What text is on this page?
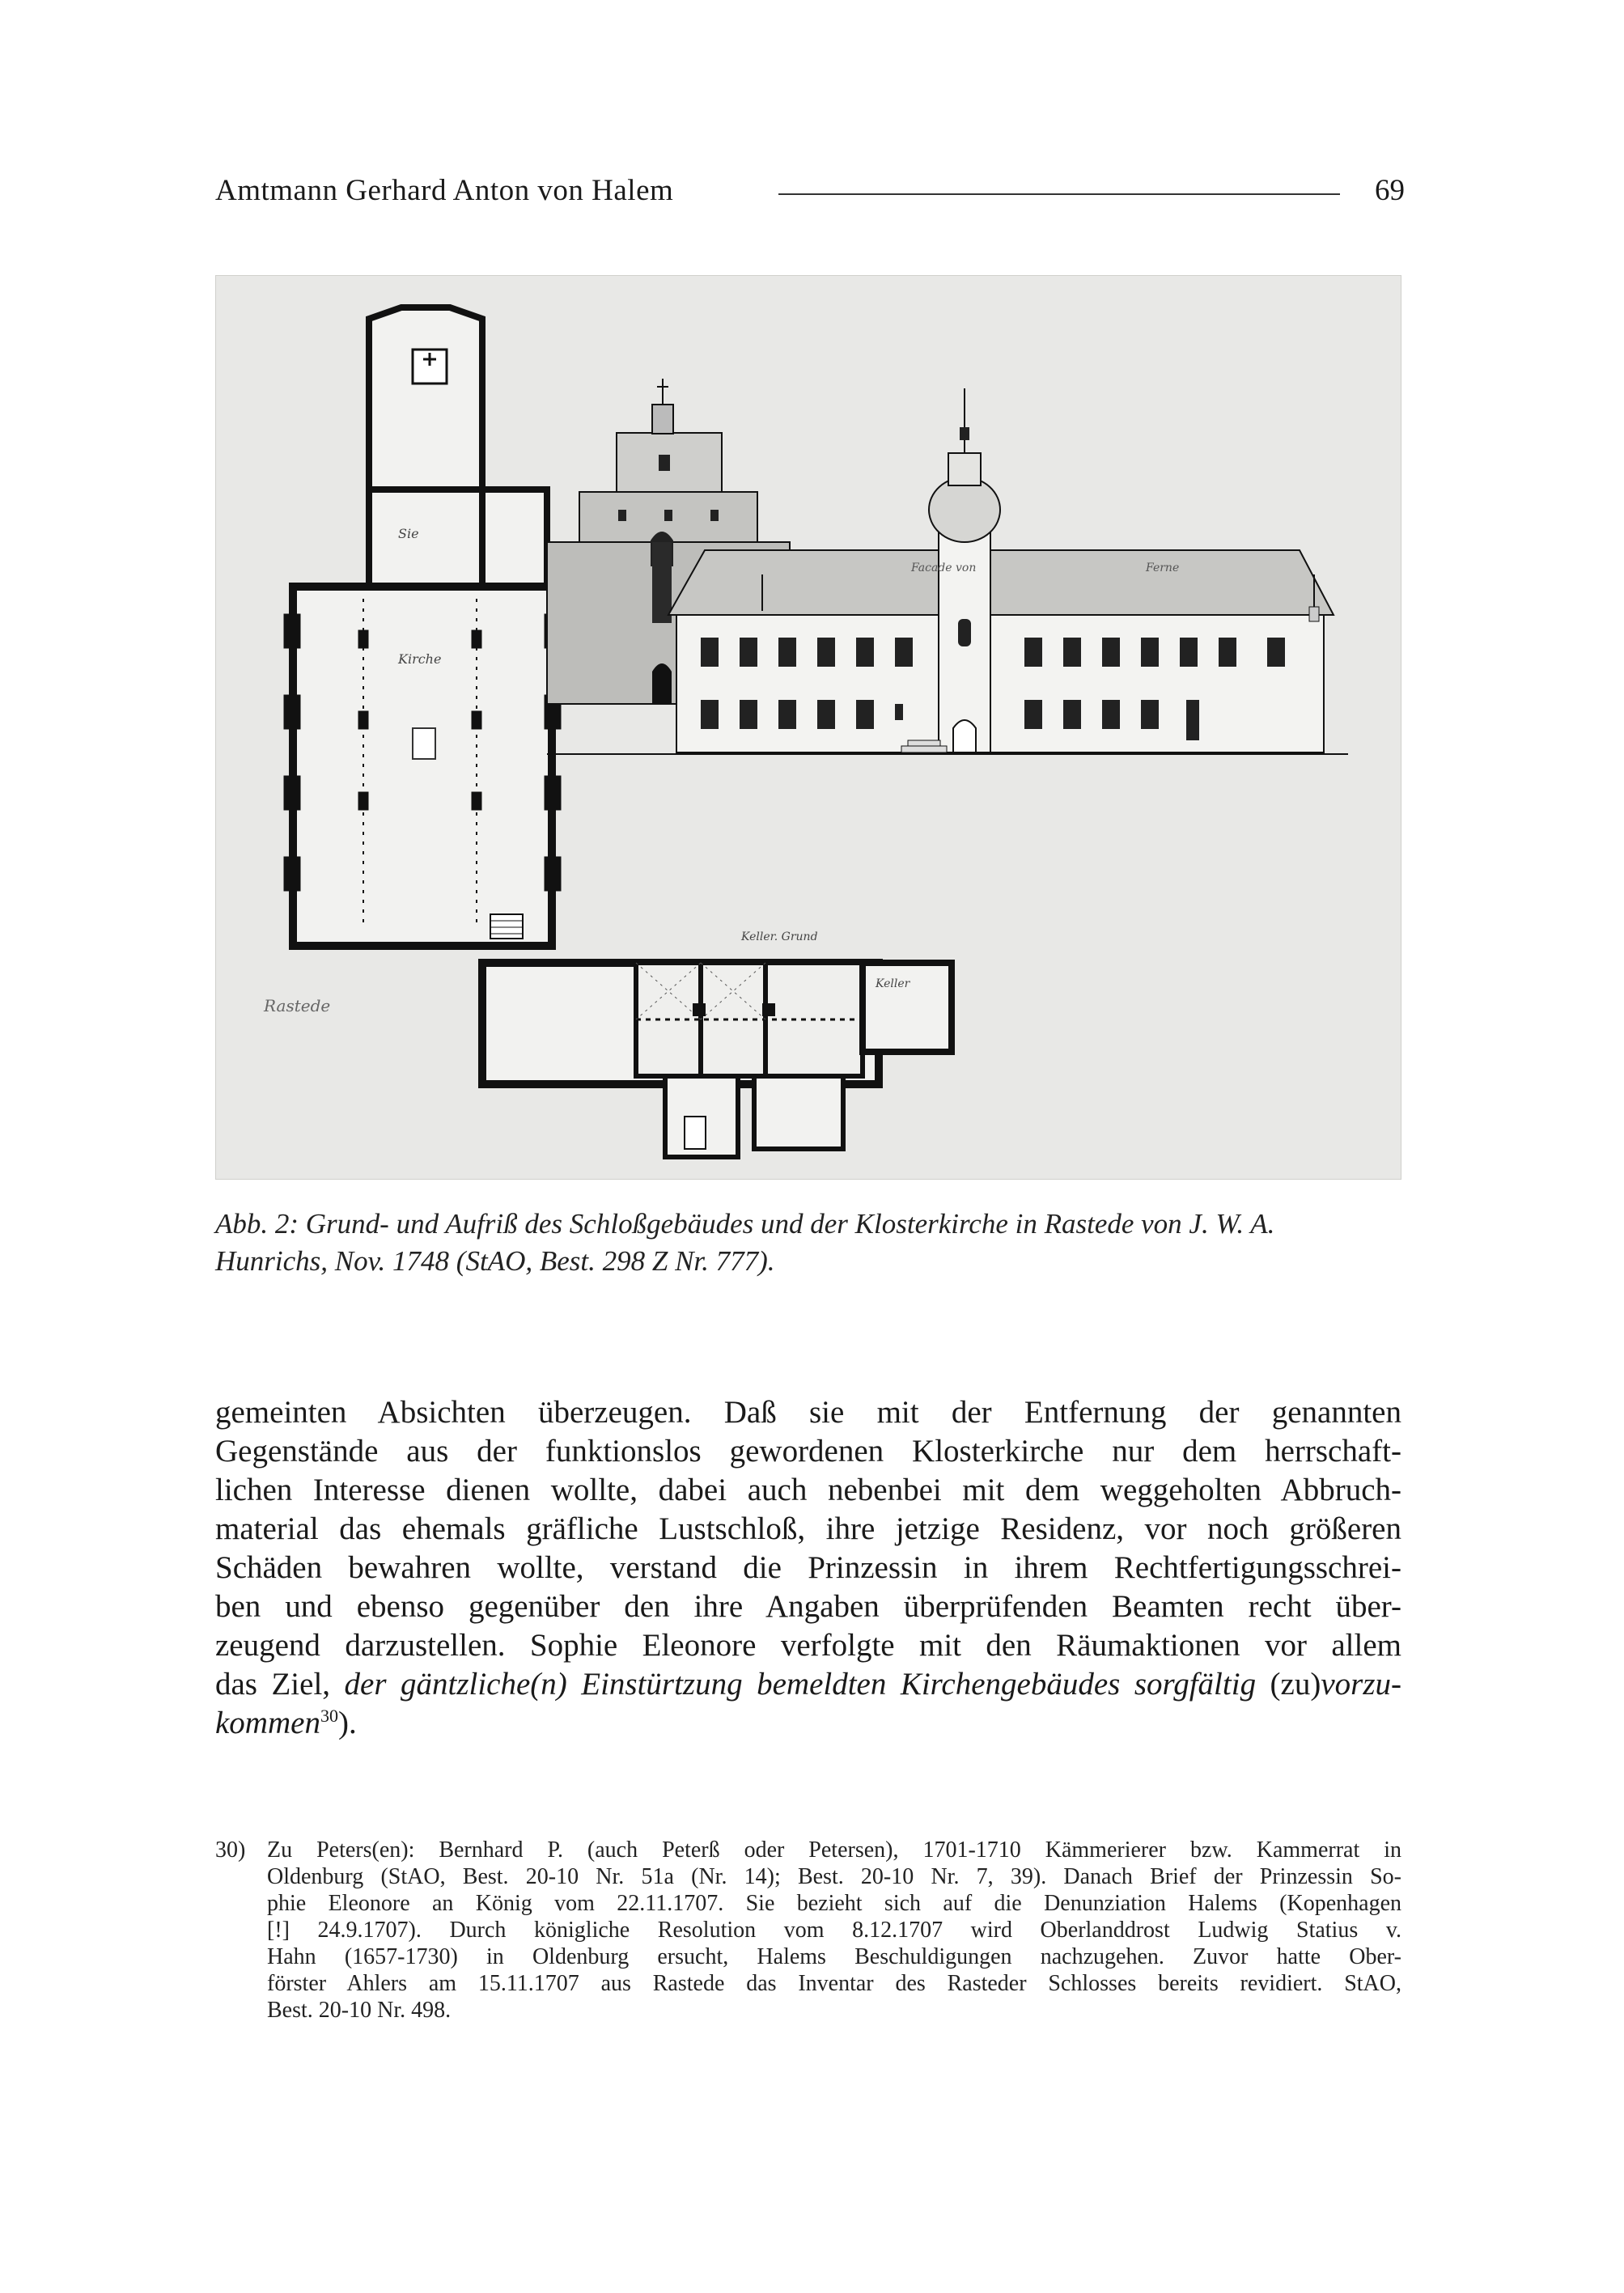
Amtmann Gerhard Anton von Halem	69
Sie
Kirche
Rastede
Facade von	Ferne
Keller. Grund
Keller
Abb. 2: Grund- und Aufriß des Schloßgebäudes und der Klosterkirche in Rastede von J. W. A.
Hunrichs, Nov. 1748 (StAO, Best. 298 Z Nr. 777).
gemeinten Absichten überzeugen. Daß sie mit der Entfernung der genannten
Gegenstände aus der funktionslos gewordenen Klosterkirche nur dem herrschaft-
lichen Interesse dienen wollte, dabei auch nebenbei mit dem weggeholten Abbruch-
material das ehemals gräfliche Lustschloß, ihre jetzige Residenz, vor noch größeren
Schäden bewahren wollte, verstand die Prinzessin in ihrem Rechtfertigungsschrei-
ben und ebenso gegenüber den ihre Angaben überprüfenden Beamten recht über-
zeugend darzustellen. Sophie Eleonore verfolgte mit den Räumaktionen vor allem
das Ziel, der gäntzliche(n) Einstürtzung bemeldten Kirchengebäudes sorgfältig (zu)vorzu-
kommen$^{30}$).
30) Zu Peters(en): Bernhard P. (auch Peterß oder Petersen), 1701-1710 Kämmerierer bzw. Kammerrat in
Oldenburg (StAO, Best. 20-10 Nr. 51a (Nr. 14); Best. 20-10 Nr. 7, 39). Danach Brief der Prinzessin So-
phie Eleonore an König vom 22.11.1707. Sie bezieht sich auf die Denunziation Halems (Kopenhagen
[!] 24.9.1707). Durch königliche Resolution vom 8.12.1707 wird Oberlanddrost Ludwig Statius v.
Hahn (1657-1730) in Oldenburg ersucht, Halems Beschuldigungen nachzugehen. Zuvor hatte Ober-
förster Ahlers am 15.11.1707 aus Rastede das Inventar des Rasteder Schlosses bereits revidiert. StAO,
Best. 20-10 Nr. 498.
